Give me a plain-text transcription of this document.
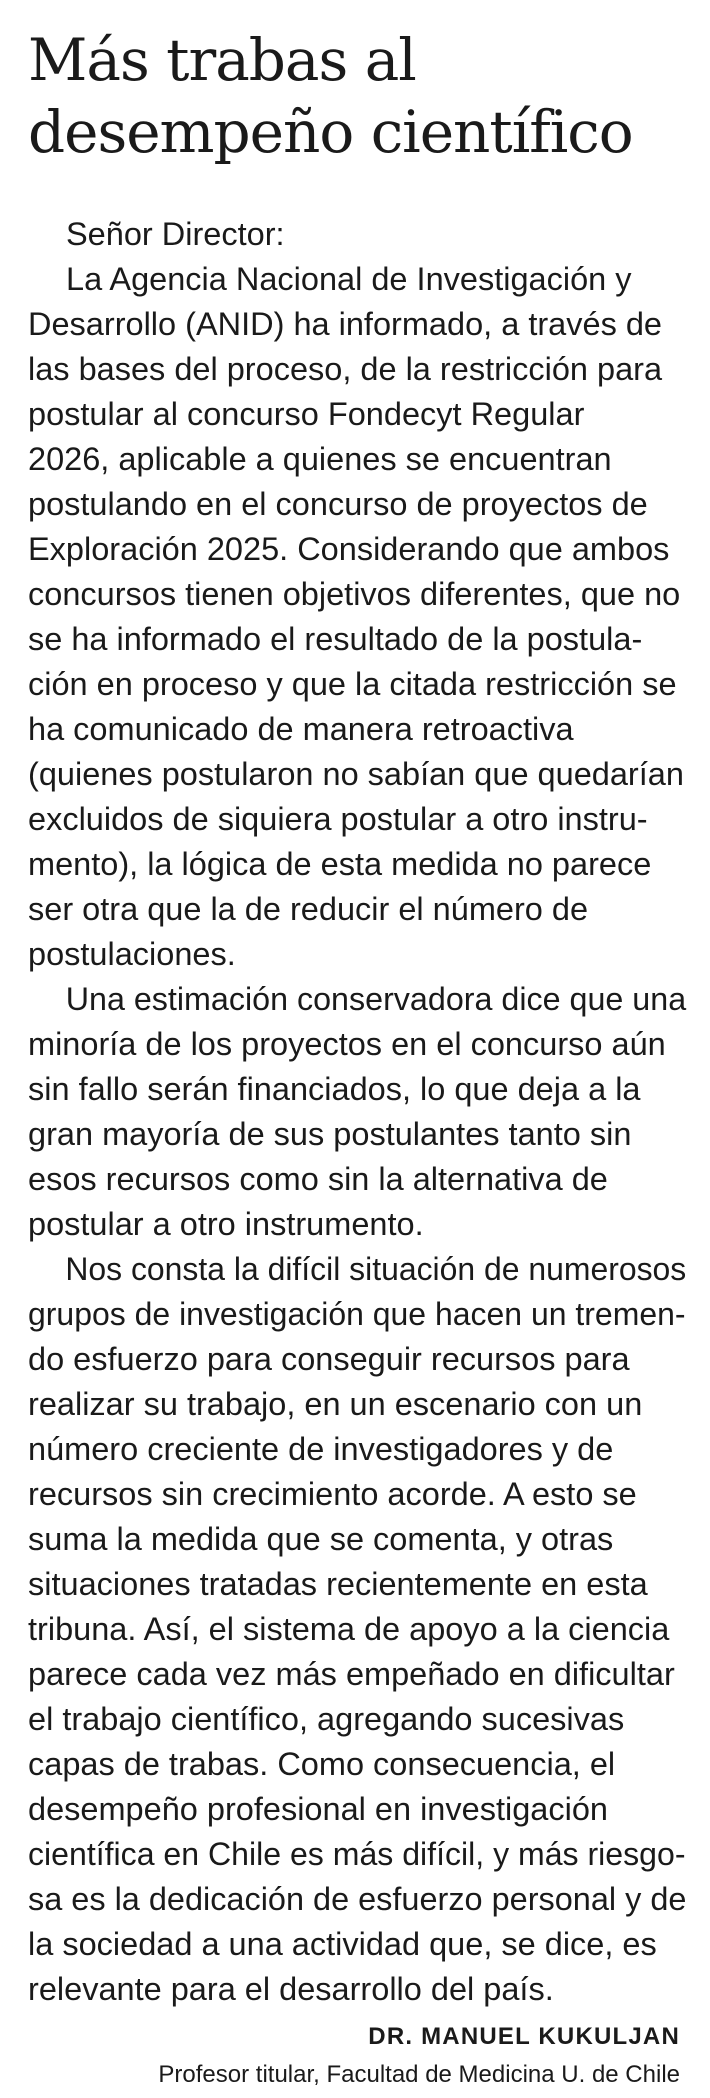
Más trabas al
desempeño científico
Señor Director:
La Agencia Nacional de Investigación y
Desarrollo (ANID) ha informado, a través de
las bases del proceso, de la restricción para
postular al concurso Fondecyt Regular
2026, aplicable a quienes se encuentran
postulando en el concurso de proyectos de
Exploración 2025. Considerando que ambos
concursos tienen objetivos diferentes, que no
se ha informado el resultado de la postula-
ción en proceso y que la citada restricción se
ha comunicado de manera retroactiva
(quienes postularon no sabían que quedarían
excluidos de siquiera postular a otro instru-
mento), la lógica de esta medida no parece
ser otra que la de reducir el número de
postulaciones.
Una estimación conservadora dice que una
minoría de los proyectos en el concurso aún
sin fallo serán financiados, lo que deja a la
gran mayoría de sus postulantes tanto sin
esos recursos como sin la alternativa de
postular a otro instrumento.
Nos consta la difícil situación de numerosos
grupos de investigación que hacen un tremen-
do esfuerzo para conseguir recursos para
realizar su trabajo, en un escenario con un
número creciente de investigadores y de
recursos sin crecimiento acorde. A esto se
suma la medida que se comenta, y otras
situaciones tratadas recientemente en esta
tribuna. Así, el sistema de apoyo a la ciencia
parece cada vez más empeñado en dificultar
el trabajo científico, agregando sucesivas
capas de trabas. Como consecuencia, el
desempeño profesional en investigación
científica en Chile es más difícil, y más riesgo-
sa es la dedicación de esfuerzo personal y de
la sociedad a una actividad que, se dice, es
relevante para el desarrollo del país.
DR. MANUEL KUKULJAN
Profesor titular, Facultad de Medicina U. de Chile
